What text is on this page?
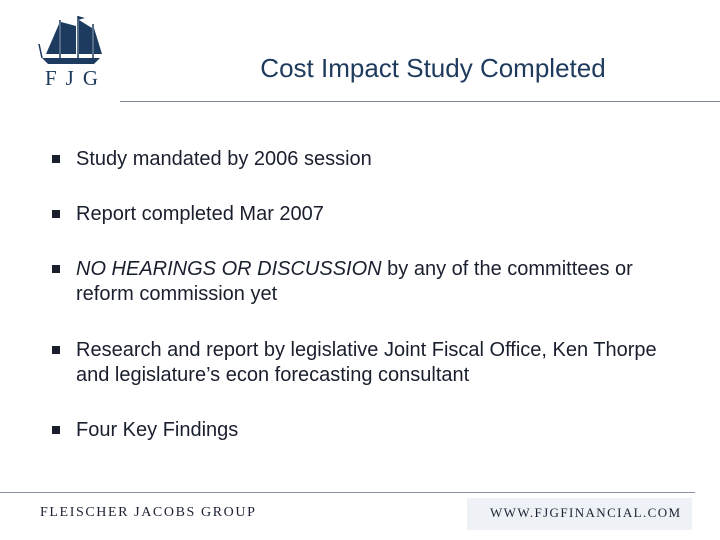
FJG	Cost Impact Study Completed
Study mandated by 2006 session
Report completed Mar 2007
NO HEARINGS OR DISCUSSION by any of the committees or reform commission yet
Research and report by legislative Joint Fiscal Office, Ken Thorpe and legislature’s econ forecasting consultant
Four Key Findings
FLEISCHER JACOBS GROUP	WWW.FJGFINANCIAL.COM
